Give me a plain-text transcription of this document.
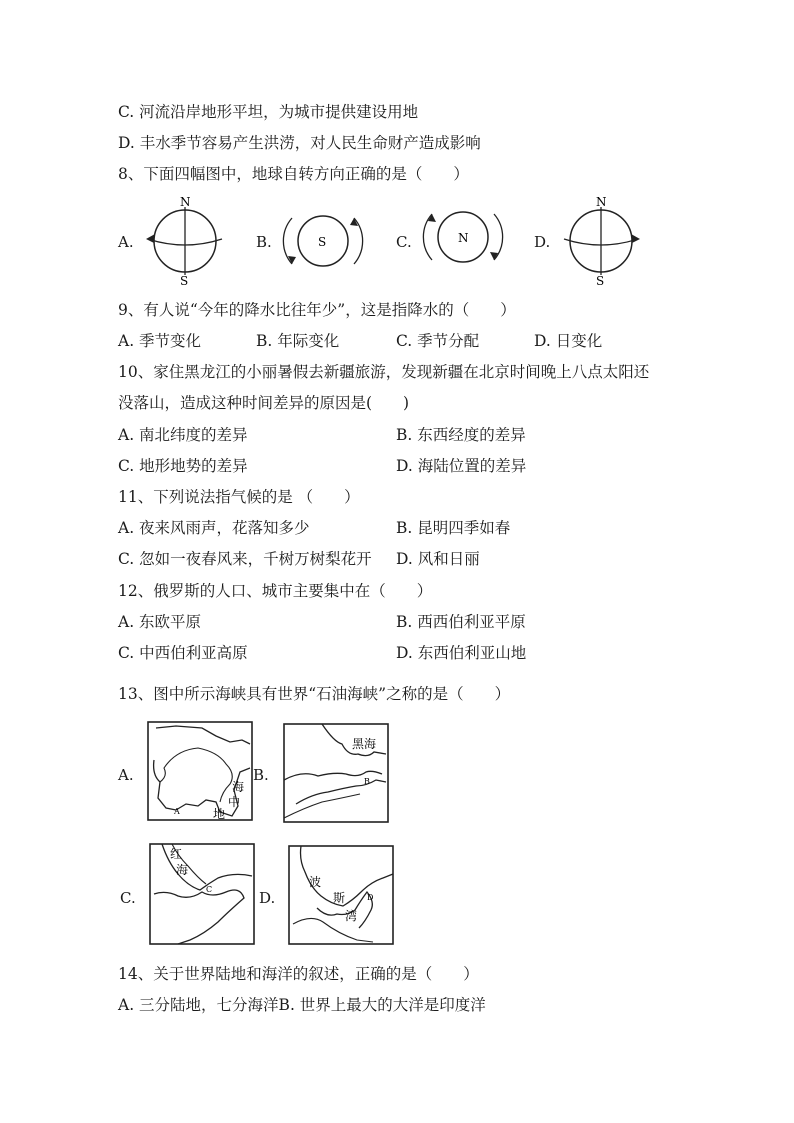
C. 河流沿岸地形平坦，为城市提供建设用地
D. 丰水季节容易产生洪涝，对人民生命财产造成影响
8、下面四幅图中，地球自转方向正确的是（　　）
A.
N
S
B.	S	C.	N	D.
N
S
9、有人说“今年的降水比往年少”，这是指降水的（　　）
A. 季节变化	B. 年际变化	C. 季节分配	D. 日变化
10、家住黑龙江的小丽暑假去新疆旅游，发现新疆在北京时间晚上八点太阳还
没落山，造成这种时间差异的原因是(　　)
A. 南北纬度的差异	B. 东西经度的差异
C. 地形地势的差异	D. 海陆位置的差异
11、下列说法指气候的是 （　　）
A. 夜来风雨声，花落知多少	B. 昆明四季如春
C. 忽如一夜春风来，千树万树梨花开 D. 风和日丽
12、俄罗斯的人口、城市主要集中在（　　）
A. 东欧平原	B. 西西伯利亚平原
C. 中西伯利亚高原	D. 东西伯利亚山地
13、图中所示海峡具有世界“石油海峡”之称的是（　　）
A.
海
中
地
A
B.
黑海
B
C.
红
海
C	D.
波
斯
湾
D
14、关于世界陆地和海洋的叙述，正确的是（　　）
A. 三分陆地，七分海洋B. 世界上最大的大洋是印度洋
